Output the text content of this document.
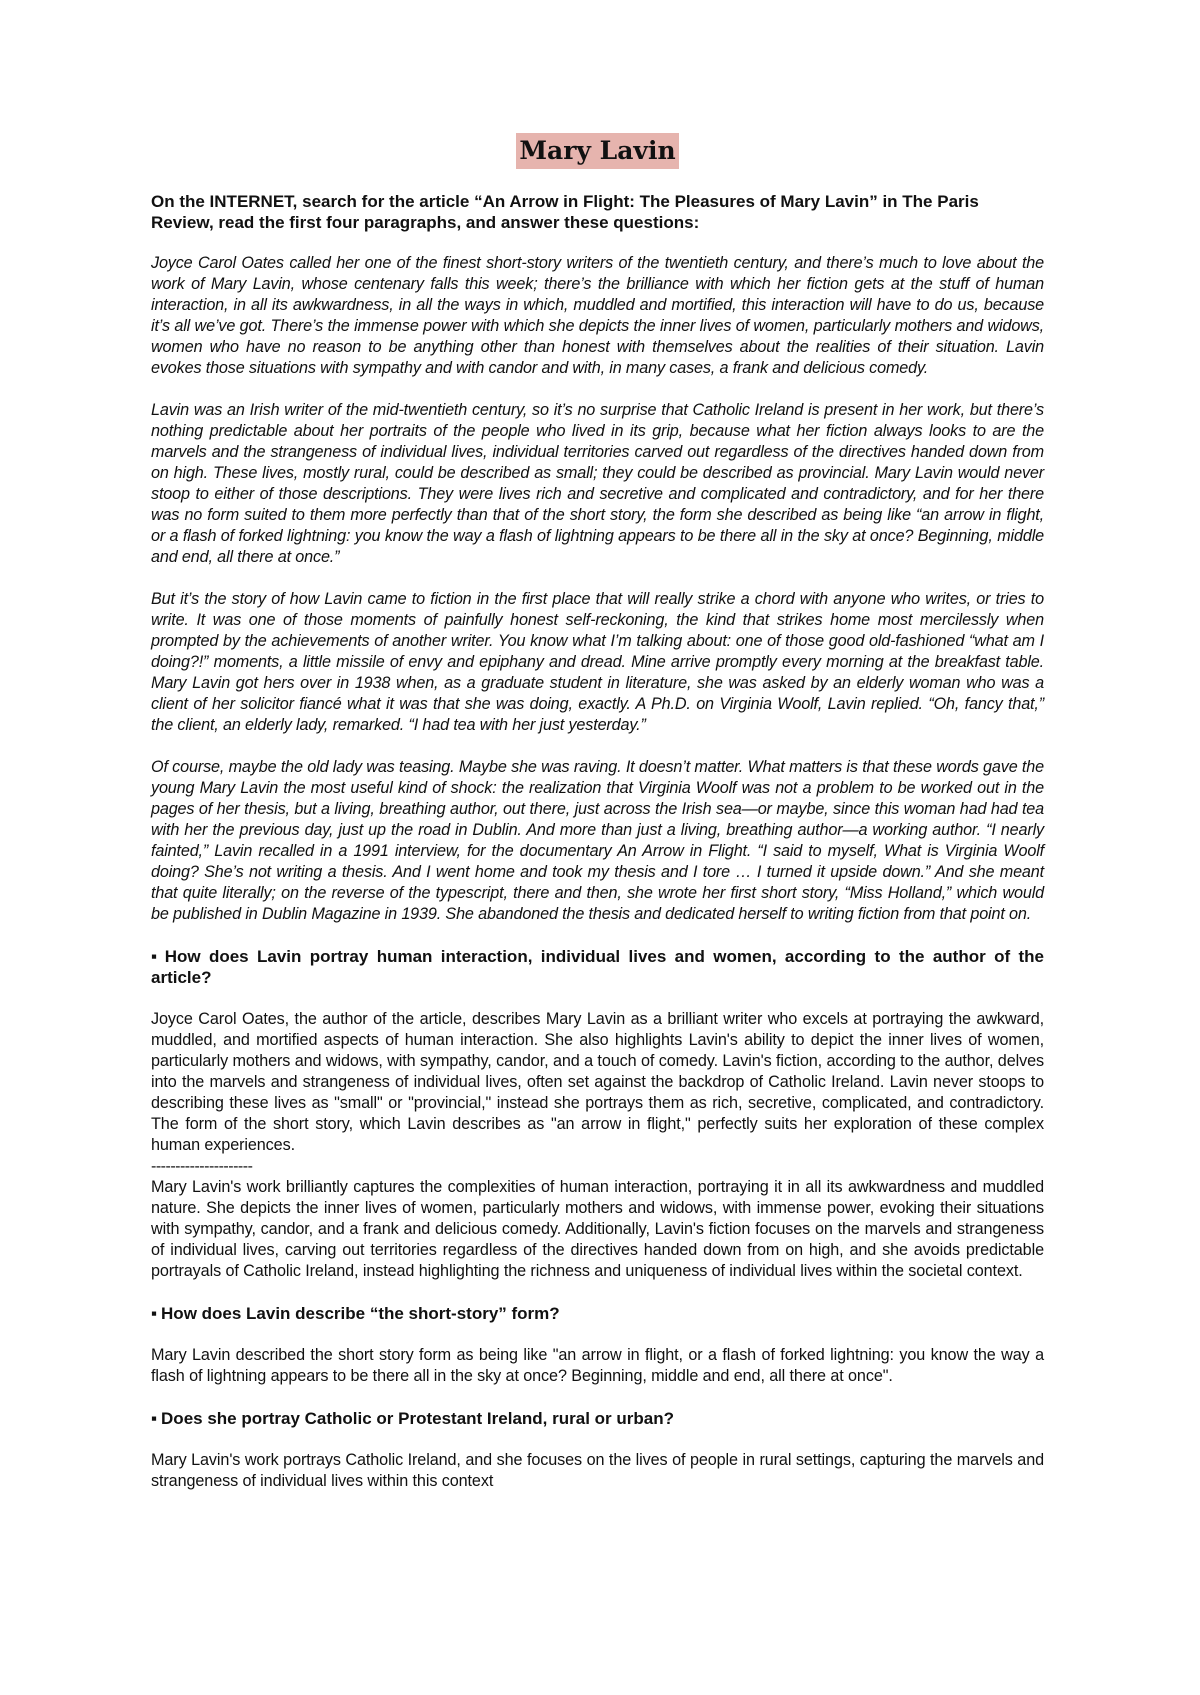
Mary Lavin

On the INTERNET, search for the article “An Arrow in Flight: The Pleasures of Mary Lavin” in The Paris Review, read the first four paragraphs, and answer these questions:

Joyce Carol Oates called her one of the finest short-story writers of the twentieth century, and there’s much to love about the work of Mary Lavin, whose centenary falls this week; there’s the brilliance with which her fiction gets at the stuff of human interaction, in all its awkwardness, in all the ways in which, muddled and mortified, this interaction will have to do us, because it’s all we’ve got. There’s the immense power with which she depicts the inner lives of women, particularly mothers and widows, women who have no reason to be anything other than honest with themselves about the realities of their situation. Lavin evokes those situations with sympathy and with candor and with, in many cases, a frank and delicious comedy.

Lavin was an Irish writer of the mid-twentieth century, so it’s no surprise that Catholic Ireland is present in her work, but there’s nothing predictable about her portraits of the people who lived in its grip, because what her fiction always looks to are the marvels and the strangeness of individual lives, individual territories carved out regardless of the directives handed down from on high. These lives, mostly rural, could be described as small; they could be described as provincial. Mary Lavin would never stoop to either of those descriptions. They were lives rich and secretive and complicated and contradictory, and for her there was no form suited to them more perfectly than that of the short story, the form she described as being like “an arrow in flight, or a flash of forked lightning: you know the way a flash of lightning appears to be there all in the sky at once? Beginning, middle and end, all there at once.”

But it’s the story of how Lavin came to fiction in the first place that will really strike a chord with anyone who writes, or tries to write. It was one of those moments of painfully honest self-reckoning, the kind that strikes home most mercilessly when prompted by the achievements of another writer. You know what I’m talking about: one of those good old-fashioned “what am I doing?!” moments, a little missile of envy and epiphany and dread. Mine arrive promptly every morning at the breakfast table. Mary Lavin got hers over in 1938 when, as a graduate student in literature, she was asked by an elderly woman who was a client of her solicitor fiancé what it was that she was doing, exactly. A Ph.D. on Virginia Woolf, Lavin replied. “Oh, fancy that,” the client, an elderly lady, remarked. “I had tea with her just yesterday.”

Of course, maybe the old lady was teasing. Maybe she was raving. It doesn’t matter. What matters is that these words gave the young Mary Lavin the most useful kind of shock: the realization that Virginia Woolf was not a problem to be worked out in the pages of her thesis, but a living, breathing author, out there, just across the Irish sea—or maybe, since this woman had had tea with her the previous day, just up the road in Dublin. And more than just a living, breathing author—a working author. “I nearly fainted,” Lavin recalled in a 1991 interview, for the documentary An Arrow in Flight. “I said to myself, What is Virginia Woolf doing? She’s not writing a thesis. And I went home and took my thesis and I tore … I turned it upside down.” And she meant that quite literally; on the reverse of the typescript, there and then, she wrote her first short story, “Miss Holland,” which would be published in Dublin Magazine in 1939. She abandoned the thesis and dedicated herself to writing fiction from that point on.

▪ How does Lavin portray human interaction, individual lives and women, according to the author of the article?

Joyce Carol Oates, the author of the article, describes Mary Lavin as a brilliant writer who excels at portraying the awkward, muddled, and mortified aspects of human interaction. She also highlights Lavin's ability to depict the inner lives of women, particularly mothers and widows, with sympathy, candor, and a touch of comedy. Lavin's fiction, according to the author, delves into the marvels and strangeness of individual lives, often set against the backdrop of Catholic Ireland. Lavin never stoops to describing these lives as "small" or "provincial," instead she portrays them as rich, secretive, complicated, and contradictory. The form of the short story, which Lavin describes as "an arrow in flight," perfectly suits her exploration of these complex human experiences.

---------------------

Mary Lavin's work brilliantly captures the complexities of human interaction, portraying it in all its awkwardness and muddled nature. She depicts the inner lives of women, particularly mothers and widows, with immense power, evoking their situations with sympathy, candor, and a frank and delicious comedy. Additionally, Lavin's fiction focuses on the marvels and strangeness of individual lives, carving out territories regardless of the directives handed down from on high, and she avoids predictable portrayals of Catholic Ireland, instead highlighting the richness and uniqueness of individual lives within the societal context.

▪ How does Lavin describe “the short-story” form?

Mary Lavin described the short story form as being like "an arrow in flight, or a flash of forked lightning: you know the way a flash of lightning appears to be there all in the sky at once? Beginning, middle and end, all there at once".

▪ Does she portray Catholic or Protestant Ireland, rural or urban?

Mary Lavin's work portrays Catholic Ireland, and she focuses on the lives of people in rural settings, capturing the marvels and strangeness of individual lives within this context
